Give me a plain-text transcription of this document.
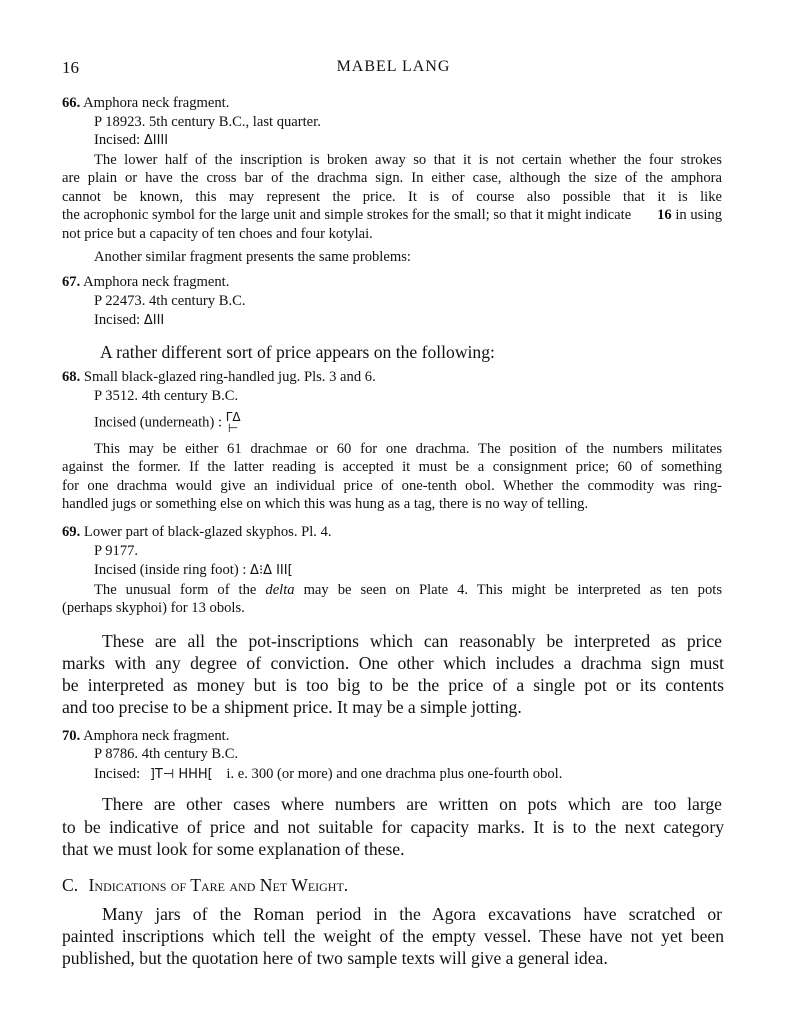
16	MABEL LANG
66. Amphora neck fragment.
P 18923. 5th century B.C., last quarter.
Incised: ΔIIII
The lower half of the inscription is broken away so that it is not certain whether the four strokes
are plain or have the cross bar of the drachma sign. In either case, although the size of the amphora
cannot be known, this may represent the price. It is of course also possible that it is like
16 in using
the acrophonic symbol for the large unit and simple strokes for the small; so that it might indicate
not price but a capacity of ten choes and four kotylai.
Another similar fragment presents the same problems:
67. Amphora neck fragment.
P 22473. 4th century B.C.
Incised: ΔIII
A rather different sort of price appears on the following:
68. Small black-glazed ring-handled jug. Pls. 3 and 6.
P 3512. 4th century B.C.
Incised (underneath) : ΓΔ
⊢
This may be either 61 drachmae or 60 for one drachma. The position of the numbers militates
against the former. If the latter reading is accepted it must be a consignment price; 60 of something
for one drachma would give an individual price of one-tenth obol. Whether the commodity was ring-
handled jugs or something else on which this was hung as a tag, there is no way of telling.
69. Lower part of black-glazed skyphos. Pl. 4.
P 9177.
Incised (inside ring foot) : Δ⁝Δ III[
The unusual form of the delta may be seen on Plate 4. This might be interpreted as ten pots
(perhaps skyphoi) for 13 obols.
These are all the pot-inscriptions which can reasonably be interpreted as price
marks with any degree of conviction. One other which includes a drachma sign must
be interpreted as money but is too big to be the price of a single pot or its contents
and too precise to be a shipment price. It may be a simple jotting.
70. Amphora neck fragment.
P 8786. 4th century B.C.
Incised: ]T⊣ HHH[ i. e. 300 (or more) and one drachma plus one-fourth obol.
There are other cases where numbers are written on pots which are too large
to be indicative of price and not suitable for capacity marks. It is to the next category
that we must look for some explanation of these.
C. Indications of Tare and Net Weight.
Many jars of the Roman period in the Agora excavations have scratched or
painted inscriptions which tell the weight of the empty vessel. These have not yet been
published, but the quotation here of two sample texts will give a general idea.
